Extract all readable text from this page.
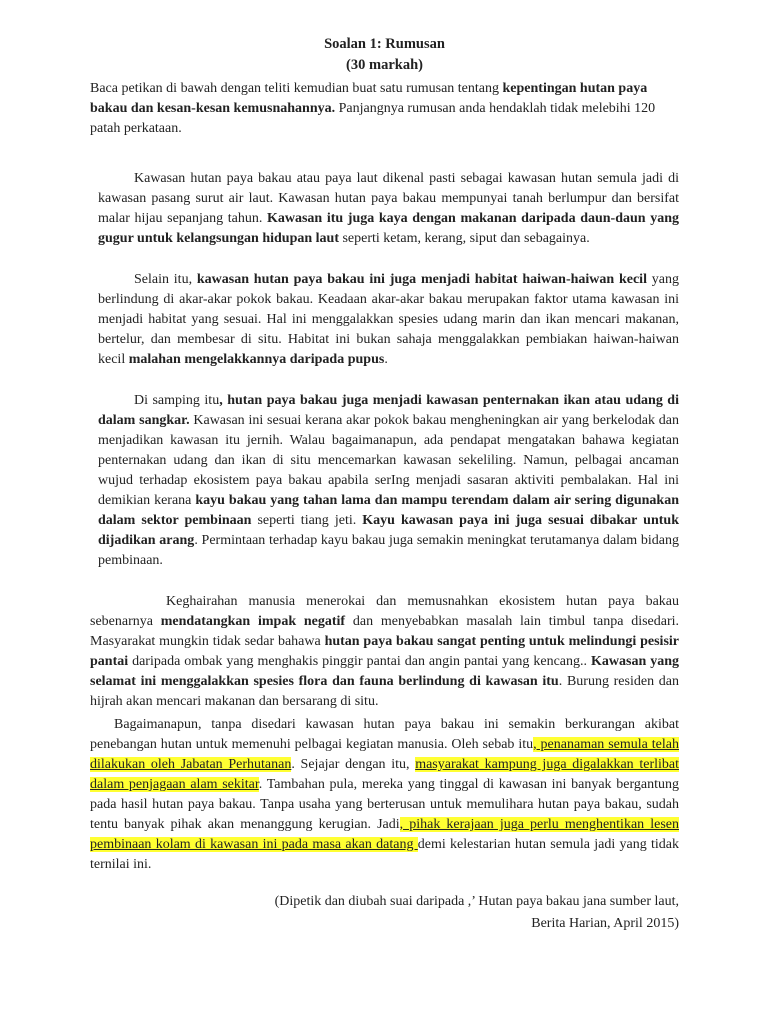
Soalan 1: Rumusan
(30 markah)

Baca petikan di bawah dengan teliti kemudian buat satu rumusan tentang kepentingan hutan paya bakau dan kesan-kesan kemusnahannya. Panjangnya rumusan anda hendaklah tidak melebihi 120 patah perkataan.

Kawasan hutan paya bakau atau paya laut dikenal pasti sebagai kawasan hutan semula jadi di kawasan pasang surut air laut. Kawasan hutan paya bakau mempunyai tanah berlumpur dan bersifat malar hijau sepanjang tahun. Kawasan itu juga kaya dengan makanan daripada daun-daun yang gugur untuk kelangsungan hidupan laut seperti ketam, kerang, siput dan sebagainya.

Selain itu, kawasan hutan paya bakau ini juga menjadi habitat haiwan-haiwan kecil yang berlindung di akar-akar pokok bakau. Keadaan akar-akar bakau merupakan faktor utama kawasan ini menjadi habitat yang sesuai. Hal ini menggalakkan spesies udang marin dan ikan mencari makanan, bertelur, dan membesar di situ. Habitat ini bukan sahaja menggalakkan pembiakan haiwan-haiwan kecil malahan mengelakkannya daripada pupus.

Di samping itu, hutan paya bakau juga menjadi kawasan penternakan ikan atau udang di dalam sangkar. Kawasan ini sesuai kerana akar pokok bakau mengheningkan air yang berkelodak dan menjadikan kawasan itu jernih. Walau bagaimanapun, ada pendapat mengatakan bahawa kegiatan penternakan udang dan ikan di situ mencemarkan kawasan sekeliling. Namun, pelbagai ancaman wujud terhadap ekosistem paya bakau apabila serIng menjadi sasaran aktiviti pembalakan. Hal ini demikian kerana kayu bakau yang tahan lama dan mampu terendam dalam air sering digunakan dalam sektor pembinaan seperti tiang jeti. Kayu kawasan paya ini juga sesuai dibakar untuk dijadikan arang. Permintaan terhadap kayu bakau juga semakin meningkat terutamanya dalam bidang pembinaan.

Keghairahan manusia menerokai dan memusnahkan ekosistem hutan paya bakau sebenarnya mendatangkan impak negatif dan menyebabkan masalah lain timbul tanpa disedari. Masyarakat mungkin tidak sedar bahawa hutan paya bakau sangat penting untuk melindungi pesisir pantai daripada ombak yang menghakis pinggir pantai dan angin pantai yang kencang.. Kawasan yang selamat ini menggalakkan spesies flora dan fauna berlindung di kawasan itu. Burung residen dan hijrah akan mencari makanan dan bersarang di situ.

Bagaimanapun, tanpa disedari kawasan hutan paya bakau ini semakin berkurangan akibat penebangan hutan untuk memenuhi pelbagai kegiatan manusia. Oleh sebab itu, penanaman semula telah dilakukan oleh Jabatan Perhutanan. Sejajar dengan itu, masyarakat kampung juga digalakkan terlibat dalam penjagaan alam sekitar. Tambahan pula, mereka yang tinggal di kawasan ini banyak bergantung pada hasil hutan paya bakau. Tanpa usaha yang berterusan untuk memulihara hutan paya bakau, sudah tentu banyak pihak akan menanggung kerugian. Jadi, pihak kerajaan juga perlu menghentikan lesen pembinaan kolam di kawasan ini pada masa akan datang demi kelestarian hutan semula jadi yang tidak ternilai ini.

(Dipetik dan diubah suai daripada ,’ Hutan paya bakau jana sumber laut,
Berita Harian, April 2015)
